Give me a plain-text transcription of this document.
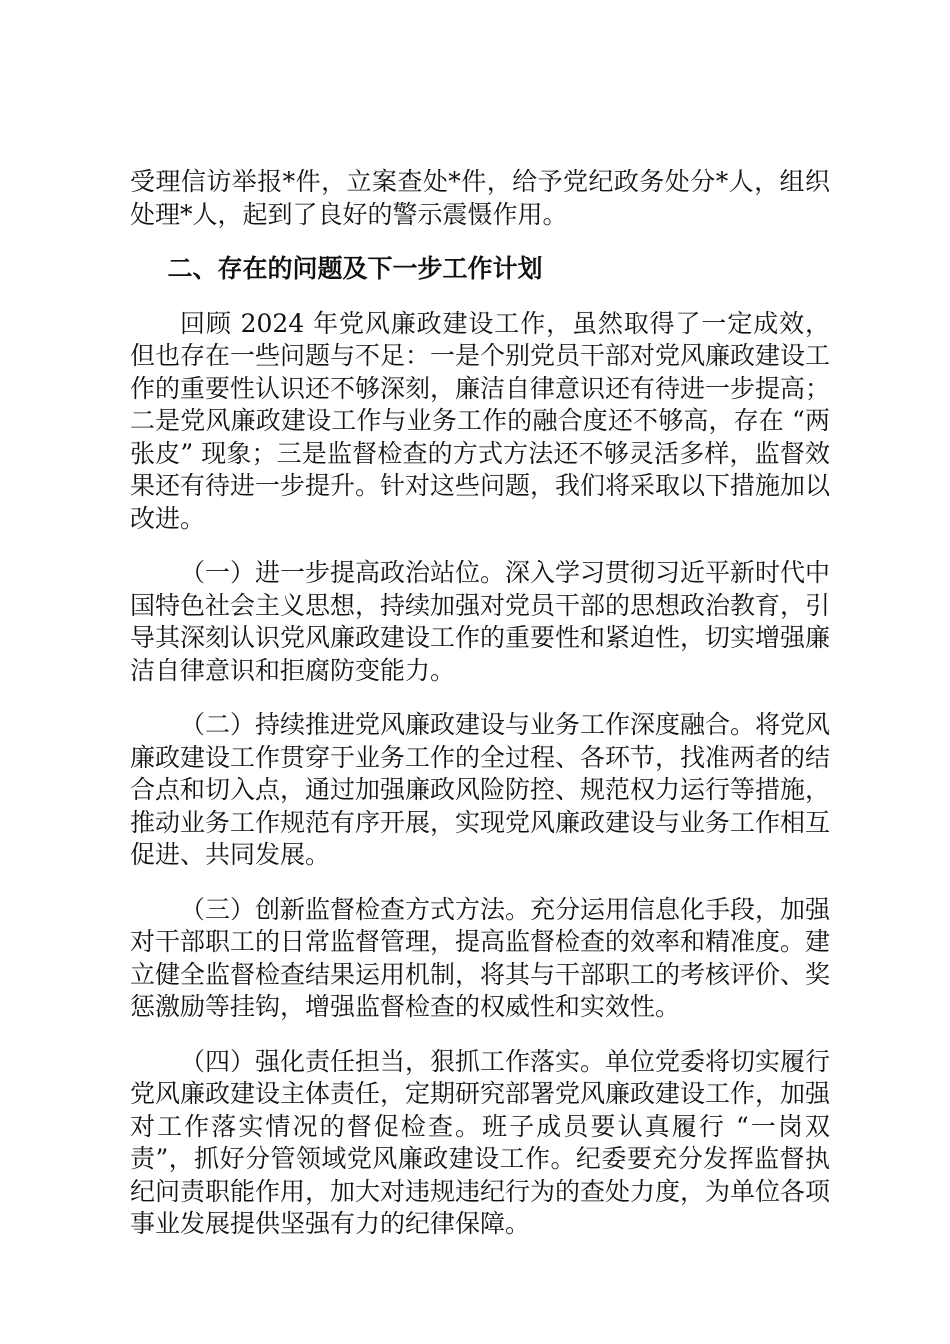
受理信访举报*件，立案查处*件，给予党纪政务处分*人，组织处理*人，起到了良好的警示震慑作用。

二、存在的问题及下一步工作计划

回顾 2024 年党风廉政建设工作，虽然取得了一定成效，但也存在一些问题与不足：一是个别党员干部对党风廉政建设工作的重要性认识还不够深刻，廉洁自律意识还有待进一步提高；二是党风廉政建设工作与业务工作的融合度还不够高，存在 “两张皮” 现象；三是监督检查的方式方法还不够灵活多样，监督效果还有待进一步提升。针对这些问题，我们将采取以下措施加以改进。

（一）进一步提高政治站位。深入学习贯彻习近平新时代中国特色社会主义思想，持续加强对党员干部的思想政治教育，引导其深刻认识党风廉政建设工作的重要性和紧迫性，切实增强廉洁自律意识和拒腐防变能力。

（二）持续推进党风廉政建设与业务工作深度融合。将党风廉政建设工作贯穿于业务工作的全过程、各环节，找准两者的结合点和切入点，通过加强廉政风险防控、规范权力运行等措施，推动业务工作规范有序开展，实现党风廉政建设与业务工作相互促进、共同发展。

（三）创新监督检查方式方法。充分运用信息化手段，加强对干部职工的日常监督管理，提高监督检查的效率和精准度。建立健全监督检查结果运用机制，将其与干部职工的考核评价、奖惩激励等挂钩，增强监督检查的权威性和实效性。

（四）强化责任担当，狠抓工作落实。单位党委将切实履行党风廉政建设主体责任，定期研究部署党风廉政建设工作，加强对工作落实情况的督促检查。班子成员要认真履行 “一岗双责”，抓好分管领域党风廉政建设工作。纪委要充分发挥监督执纪问责职能作用，加大对违规违纪行为的查处力度，为单位各项事业发展提供坚强有力的纪律保障。
